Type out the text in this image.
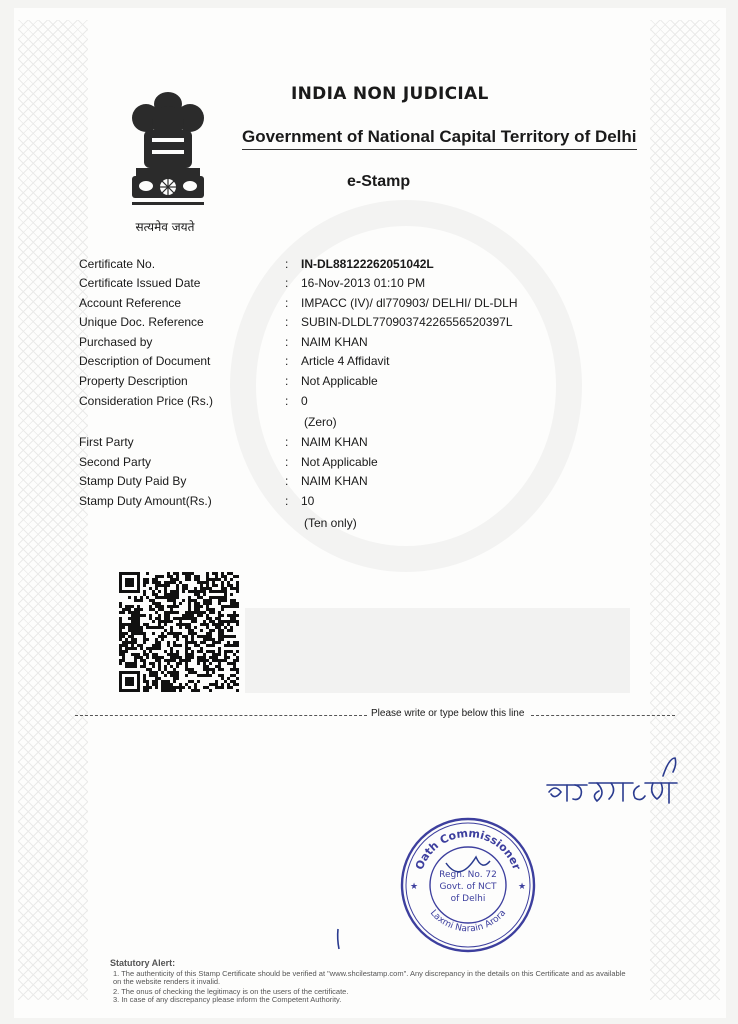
सत्यमेव जयते
INDIA NON JUDICIAL
Government of National Capital Territory of Delhi
e-Stamp
Certificate No.	: IN-DL88122262051042L
Certificate Issued Date	: 16-Nov-2013 01:10 PM
Account Reference	: IMPACC (IV)/ dl770903/ DELHI/ DL-DLH
Unique Doc. Reference	: SUBIN-DLDL77090374226556520397L
Purchased by	: NAIM KHAN
Description of Document	: Article 4 Affidavit
Property Description	: Not Applicable
Consideration Price (Rs.)	: 0
(Zero)
First Party	: NAIM KHAN
Second Party	: Not Applicable
Stamp Duty Paid By	: NAIM KHAN
Stamp Duty Amount(Rs.)	: 10
(Ten only)
Please write or type below this line
Oath Commissioner
Laxmi Narain Arora
Regn. No. 72
Govt. of NCT
of Delhi
★	★
Statutory Alert:
1. The authenticity of this Stamp Certificate should be verified at "www.shcilestamp.com". Any discrepancy in the details on this Certificate and as available on the website renders it invalid.
2. The onus of checking the legitimacy is on the users of the certificate.
3. In case of any discrepancy please inform the Competent Authority.
